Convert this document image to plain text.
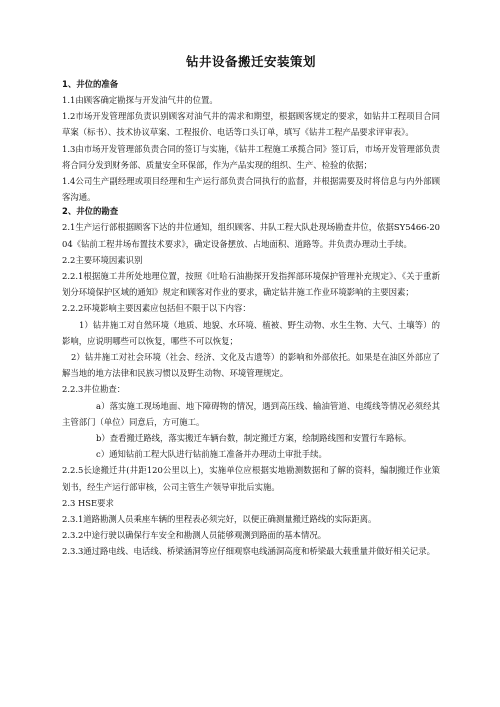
钻井设备搬迁安装策划
1、井位的准备
1.1由顾客确定勘探与开发油气井的位置。
1.2市场开发管理部负责识别顾客对油气井的需求和期望，根据顾客规定的要求，如钻井工程项目合同草案（标书）、技术协议草案、工程报价、电话等口头订单，填写《钻井工程产品要求评审表》。
1.3由市场开发管理部负责合同的签订与实施，《钻井工程施工承揽合同》签订后，市场开发管理部负责将合同分发到财务部、质量安全环保部，作为产品实现的组织、生产、检验的依据；
1.4公司生产副经理或项目经理和生产运行部负责合同执行的监督，并根据需要及时将信息与内外部顾客沟通。
2、井位的勘查
2.1生产运行部根据顾客下达的井位通知，组织顾客、井队工程大队赴现场勘查井位，依据SY5466-2004《钻前工程井场布置技术要求》，确定设备摆放、占地面积、道路等。井负责办理动土手续。
2.2主要环境因素识别
2.2.1根据施工井所处地理位置，按照《吐哈石油勘探开发指挥部环境保护管理补充规定》、《关于重新划分环境保护区域的通知》规定和顾客对作业的要求，确定钻井施工作业环境影响的主要因素；
2.2.2环境影响主要因素应包括但不限于以下内容：
1）钻井施工对自然环境（地质、地貌、水环境、植被、野生动物、水生生物、大气、土壤等）的影响，应说明哪些可以恢复，哪些不可以恢复；
2）钻井施工对社会环境（社会、经济、文化及古遗等）的影响和外部依托。如果是在油区外部应了解当地的地方法律和民族习惯以及野生动物、环境管理规定。
2.2.3井位勘查：
a）落实施工现场地面、地下障碍物的情况，遇到高压线、输油管道、电缆线等情况必须经其主管部门（单位）同意后，方可施工。
b）查看搬迁路线，落实搬迁车辆台数，制定搬迁方案，绘制路线图和安置行车路标。
c）通知钻前工程大队进行钻前施工准备并办理动土审批手续。
2.2.5长途搬迁井(井距120公里以上)，实施单位应根据实地勘测数据和了解的资料，编制搬迁作业策划书，经生产运行部审核，公司主管生产领导审批后实施。
2.3 HSE要求
2.3.1道路勘测人员乘座车辆的里程表必须完好，以便正确测量搬迁路线的实际距离。
2.3.2中途行驶以确保行车安全和勘测人员能够观测到路面的基本情况。
2.3.3通过路电线、电话线、桥梁涵洞等应仔细观察电线涵洞高度和桥梁最大载重量并做好相关记录。
